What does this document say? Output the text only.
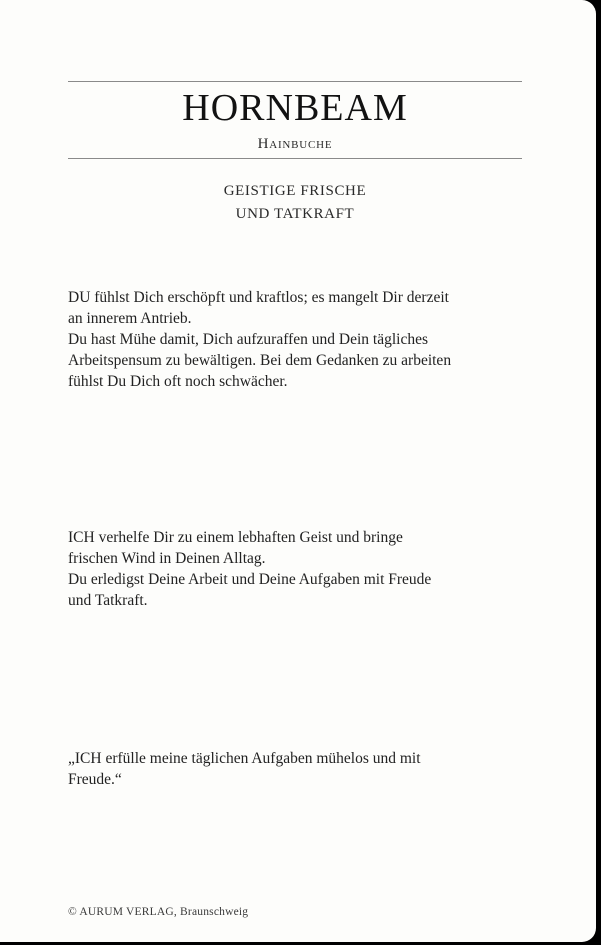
HORNBEAM
Hainbuche
GEISTIGE FRISCHE
UND TATKRAFT
DU fühlst Dich erschöpft und kraftlos; es mangelt Dir derzeit
an innerem Antrieb.
Du hast Mühe damit, Dich aufzuraffen und Dein tägliches
Arbeitspensum zu bewältigen. Bei dem Gedanken zu arbeiten
fühlst Du Dich oft noch schwächer.
ICH verhelfe Dir zu einem lebhaften Geist und bringe
frischen Wind in Deinen Alltag.
Du erledigst Deine Arbeit und Deine Aufgaben mit Freude
und Tatkraft.
„ICH erfülle meine täglichen Aufgaben mühelos und mit
Freude.“
© AURUM VERLAG, Braunschweig
